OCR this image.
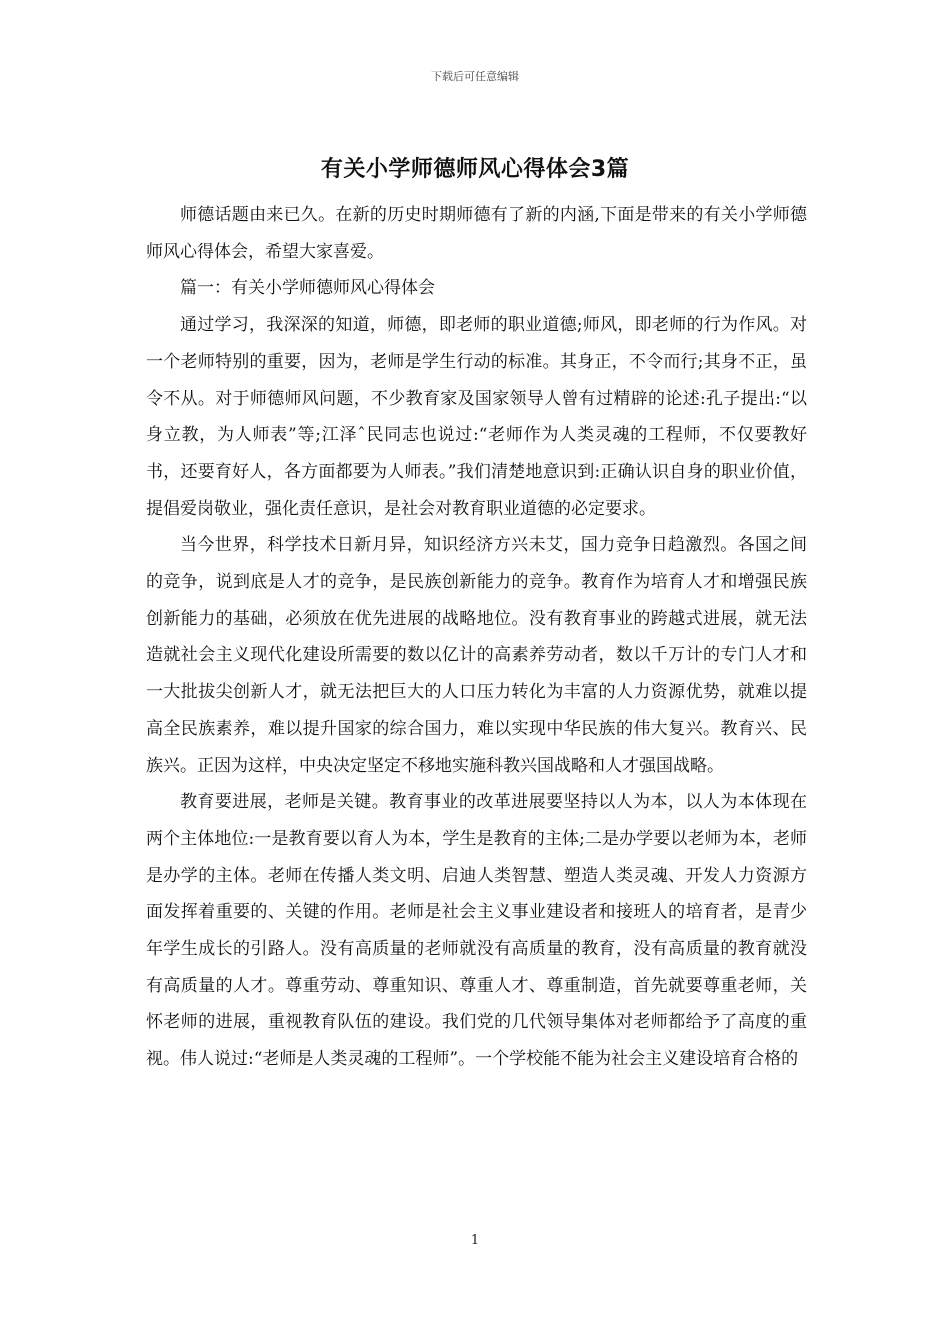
下载后可任意编辑
有关小学师德师风心得体会3篇

师德话题由来已久。在新的历史时期师德有了新的内涵,下面是带来的有关小学师德师风心得体会，希望大家喜爱。

篇一：有关小学师德师风心得体会

通过学习，我深深的知道，师德，即老师的职业道德;师风，即老师的行为作风。对一个老师特别的重要，因为，老师是学生行动的标准。其身正，不令而行;其身不正，虽令不从。对于师德师风问题，不少教育家及国家领导人曾有过精辟的论述:孔子提出:“以身立教，为人师表”等;江泽ˆ民同志也说过:“老师作为人类灵魂的工程师，不仅要教好书，还要育好人，各方面都要为人师表。”我们清楚地意识到:正确认识自身的职业价值，提倡爱岗敬业，强化责任意识，是社会对教育职业道德的必定要求。

当今世界，科学技术日新月异，知识经济方兴未艾，国力竞争日趋激烈。各国之间的竞争，说到底是人才的竞争，是民族创新能力的竞争。教育作为培育人才和增强民族创新能力的基础，必须放在优先进展的战略地位。没有教育事业的跨越式进展，就无法造就社会主义现代化建设所需要的数以亿计的高素养劳动者，数以千万计的专门人才和一大批拔尖创新人才，就无法把巨大的人口压力转化为丰富的人力资源优势，就难以提高全民族素养，难以提升国家的综合国力，难以实现中华民族的伟大复兴。教育兴、民族兴。正因为这样，中央决定坚定不移地实施科教兴国战略和人才强国战略。

教育要进展，老师是关键。教育事业的改革进展要坚持以人为本，以人为本体现在两个主体地位:一是教育要以育人为本，学生是教育的主体;二是办学要以老师为本，老师是办学的主体。老师在传播人类文明、启迪人类智慧、塑造人类灵魂、开发人力资源方面发挥着重要的、关键的作用。老师是社会主义事业建设者和接班人的培育者，是青少年学生成长的引路人。没有高质量的老师就没有高质量的教育，没有高质量的教育就没有高质量的人才。尊重劳动、尊重知识、尊重人才、尊重制造，首先就要尊重老师，关怀老师的进展，重视教育队伍的建设。我们党的几代领导集体对老师都给予了高度的重视。伟人说过:“老师是人类灵魂的工程师”。一个学校能不能为社会主义建设培育合格的

1
